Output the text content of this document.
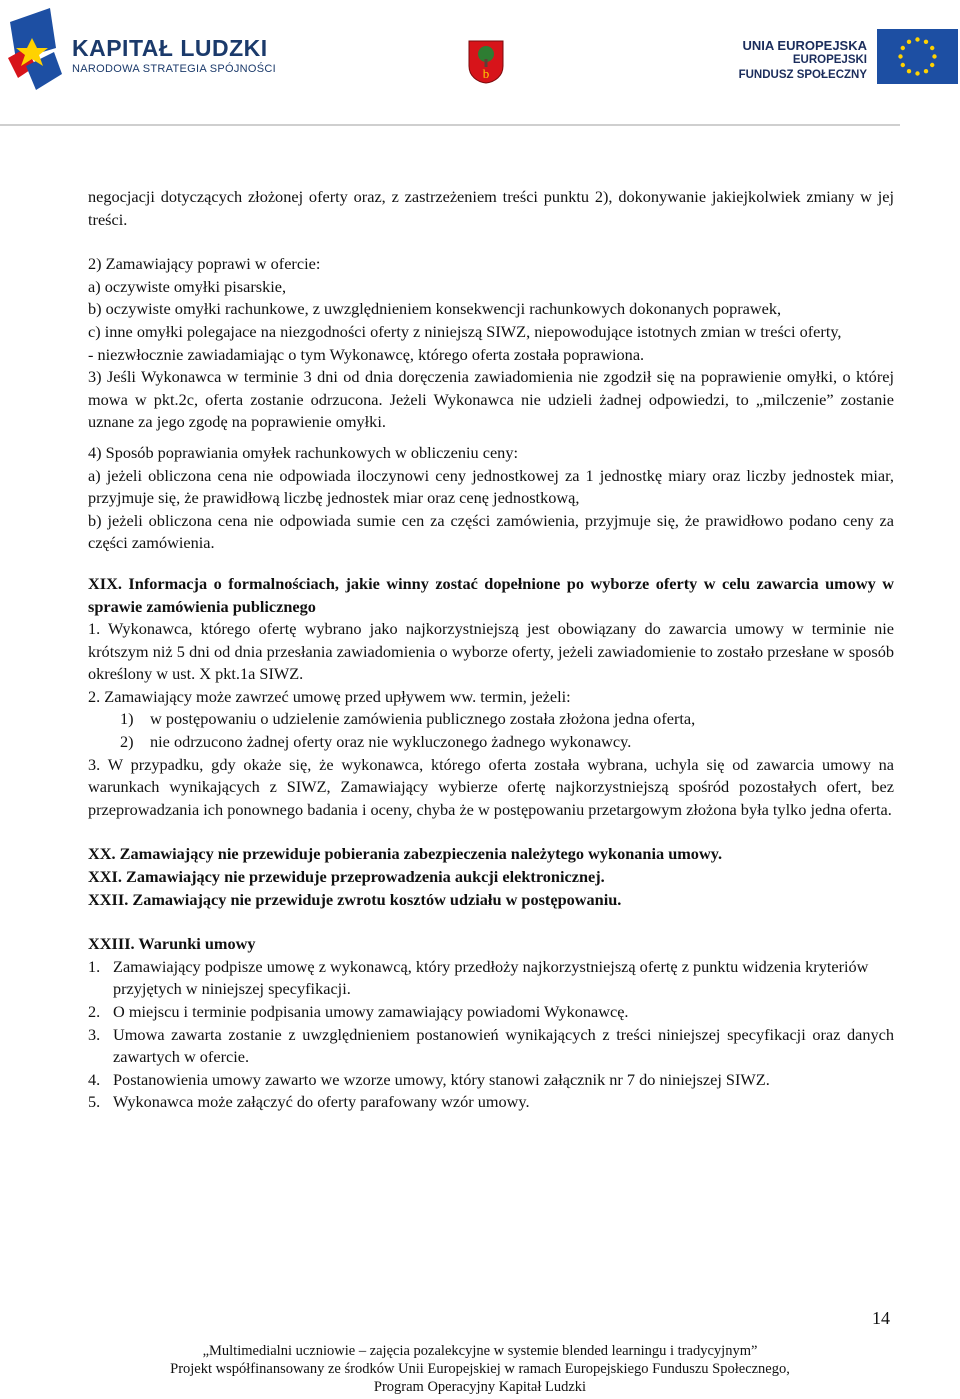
KAPITAŁ LUDZKI
NARODOWA STRATEGIA SPÓJNOŚCI	b
UNIA EUROPEJSKA
EUROPEJSKI
FUNDUSZ SPOŁECZNY

negocjacji dotyczących złożonej oferty oraz, z zastrzeżeniem treści punktu 2), dokonywanie jakiejkolwiek zmiany w jej treści.

2) Zamawiający poprawi w ofercie:

a) oczywiste omyłki pisarskie,

b) oczywiste omyłki rachunkowe, z uwzględnieniem konsekwencji rachunkowych dokonanych poprawek,

c) inne omyłki polegajace na niezgodności oferty z niniejszą SIWZ, niepowodujące istotnych zmian w treści oferty,

- niezwłocznie zawiadamiając o tym Wykonawcę, którego oferta została poprawiona.

3) Jeśli Wykonawca w terminie 3 dni od dnia doręczenia zawiadomienia nie zgodził się na poprawienie omyłki, o której mowa w pkt.2c, oferta zostanie odrzucona. Jeżeli Wykonawca nie udzieli żadnej odpowiedzi, to „milczenie” zostanie uznane za jego zgodę na poprawienie omyłki.

4) Sposób poprawiania omyłek rachunkowych w obliczeniu ceny:

a) jeżeli obliczona cena nie odpowiada iloczynowi ceny jednostkowej za 1 jednostkę miary oraz liczby jednostek miar, przyjmuje się, że prawidłową liczbę jednostek miar oraz cenę jednostkową,

b) jeżeli obliczona cena nie odpowiada sumie cen za części zamówienia, przyjmuje się, że prawidłowo podano ceny za części zamówienia.

XIX. Informacja o formalnościach, jakie winny zostać dopełnione po wyborze oferty w celu zawarcia umowy w sprawie zamówienia publicznego

1. Wykonawca, którego ofertę wybrano jako najkorzystniejszą jest obowiązany do zawarcia umowy w terminie nie krótszym niż 5 dni od dnia przesłania zawiadomienia o wyborze oferty, jeżeli zawiadomienie to zostało przesłane w sposób określony w ust. X pkt.1a SIWZ.

2. Zamawiający może zawrzeć umowę przed upływem ww. termin, jeżeli:

1)	w postępowaniu o udzielenie zamówienia publicznego została złożona jedna oferta,
2)	nie odrzucono żadnej oferty oraz nie wykluczonego żadnego wykonawcy.

3. W przypadku, gdy okaże się, że wykonawca, którego oferta została wybrana, uchyla się od zawarcia umowy na warunkach wynikających z SIWZ, Zamawiający wybierze ofertę najkorzystniejszą spośród pozostałych ofert, bez przeprowadzania ich ponownego badania i oceny, chyba że w postępowaniu przetargowym złożona była tylko jedna oferta.

XX. Zamawiający nie przewiduje pobierania zabezpieczenia należytego wykonania umowy.

XXI. Zamawiający nie przewiduje przeprowadzenia aukcji elektronicznej.

XXII. Zamawiający nie przewiduje zwrotu kosztów udziału w postępowaniu.

XXIII. Warunki umowy

1. Zamawiający podpisze umowę z wykonawcą, który przedłoży najkorzystniejszą ofertę z punktu widzenia kryteriów przyjętych w niniejszej specyfikacji.
2. O miejscu i terminie podpisania umowy zamawiający powiadomi Wykonawcę.
3. Umowa zawarta zostanie z uwzględnieniem postanowień wynikających z treści niniejszej specyfikacji oraz danych zawartych w ofercie.
4. Postanowienia umowy zawarto we wzorze umowy, który stanowi załącznik nr 7 do niniejszej SIWZ.
5. Wykonawca może załączyć do oferty parafowany wzór umowy.
14
„Multimedialni uczniowie – zajęcia pozalekcyjne w systemie blended learningu i tradycyjnym”
Projekt współfinansowany ze środków Unii Europejskiej w ramach Europejskiego Funduszu Społecznego,
Program Operacyjny Kapitał Ludzki
